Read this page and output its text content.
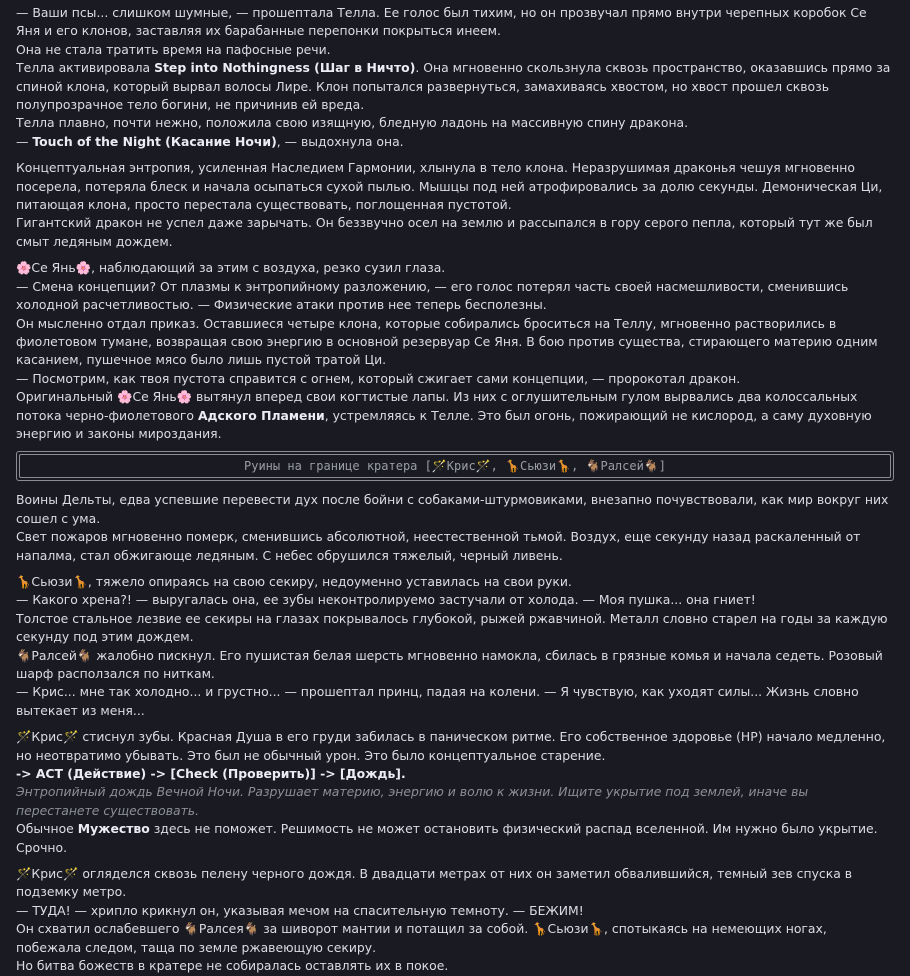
— Ваши псы... слишком шумные, — прошептала Телла. Ее голос был тихим, но он прозвучал прямо внутри черепных коробок Се Яня и его клонов, заставляя их барабанные перепонки покрыться инеем.
Она не стала тратить время на пафосные речи.
Телла активировала Step into Nothingness (Шаг в Ничто). Она мгновенно скользнула сквозь пространство, оказавшись прямо за спиной клона, который вырвал волосы Лире. Клон попытался развернуться, замахиваясь хвостом, но хвост прошел сквозь полупрозрачное тело богини, не причинив ей вреда.
Телла плавно, почти нежно, положила свою изящную, бледную ладонь на массивную спину дракона.
— Touch of the Night (Касание Ночи), — выдохнула она.
Концептуальная энтропия, усиленная Наследием Гармонии, хлынула в тело клона. Неразрушимая драконья чешуя мгновенно посерела, потеряла блеск и начала осыпаться сухой пылью. Мышцы под ней атрофировались за долю секунды. Демоническая Ци, питающая клона, просто перестала существовать, поглощенная пустотой.
Гигантский дракон не успел даже зарычать. Он беззвучно осел на землю и рассыпался в гору серого пепла, который тут же был смыт ледяным дождем.
🌸Се Янь🌸, наблюдающий за этим с воздуха, резко сузил глаза.
— Смена концепции? От плазмы к энтропийному разложению, — его голос потерял часть своей насмешливости, сменившись холодной расчетливостью. — Физические атаки против нее теперь бесполезны.
Он мысленно отдал приказ. Оставшиеся четыре клона, которые собирались броситься на Теллу, мгновенно растворились в фиолетовом тумане, возвращая свою энергию в основной резервуар Се Яня. В бою против существа, стирающего материю одним касанием, пушечное мясо было лишь пустой тратой Ци.
— Посмотрим, как твоя пустота справится с огнем, который сжигает сами концепции, — пророкотал дракон.
Оригинальный 🌸Се Янь🌸 вытянул вперед свои когтистые лапы. Из них с оглушительным гулом вырвались два колоссальных потока черно-фиолетового Адского Пламени, устремляясь к Телле. Это был огонь, пожирающий не кислород, а саму духовную энергию и законы мироздания.
Руины на границе кратера [🪄Крис🪄, 🦒Сьюзи🦒, 🐐Ралсей🐐]
Воины Дельты, едва успевшие перевести дух после бойни с собаками-штурмовиками, внезапно почувствовали, как мир вокруг них сошел с ума.
Свет пожаров мгновенно померк, сменившись абсолютной, неестественной тьмой. Воздух, еще секунду назад раскаленный от напалма, стал обжигающе ледяным. С небес обрушился тяжелый, черный ливень.
🦒Сьюзи🦒, тяжело опираясь на свою секиру, недоуменно уставилась на свои руки.
— Какого хрена?! — выругалась она, ее зубы неконтролируемо застучали от холода. — Моя пушка... она гниет!
Толстое стальное лезвие ее секиры на глазах покрывалось глубокой, рыжей ржавчиной. Металл словно старел на годы за каждую секунду под этим дождем.
🐐Ралсей🐐 жалобно пискнул. Его пушистая белая шерсть мгновенно намокла, сбилась в грязные комья и начала седеть. Розовый шарф расползался по ниткам.
— Крис... мне так холодно... и грустно... — прошептал принц, падая на колени. — Я чувствую, как уходят силы... Жизнь словно вытекает из меня...
🪄Крис🪄 стиснул зубы. Красная Душа в его груди забилась в паническом ритме. Его собственное здоровье (HP) начало медленно, но неотвратимо убывать. Это был не обычный урон. Это было концептуальное старение.
-> ACT (Действие) -> [Check (Проверить)] -> [Дождь].
Энтропийный дождь Вечной Ночи. Разрушает материю, энергию и волю к жизни. Ищите укрытие под землей, иначе вы перестанете существовать.
Обычное Мужество здесь не поможет. Решимость не может остановить физический распад вселенной. Им нужно было укрытие. Срочно.
🪄Крис🪄 огляделся сквозь пелену черного дождя. В двадцати метрах от них он заметил обвалившийся, темный зев спуска в подземку метро.
— ТУДА! — хрипло крикнул он, указывая мечом на спасительную темноту. — БЕЖИМ!
Он схватил ослабевшего 🐐Ралсея🐐 за шиворот мантии и потащил за собой. 🦒Сьюзи🦒, спотыкаясь на немеющих ногах, побежала следом, таща по земле ржавеющую секиру.
Но битва божеств в кратере не собиралась оставлять их в покое.
